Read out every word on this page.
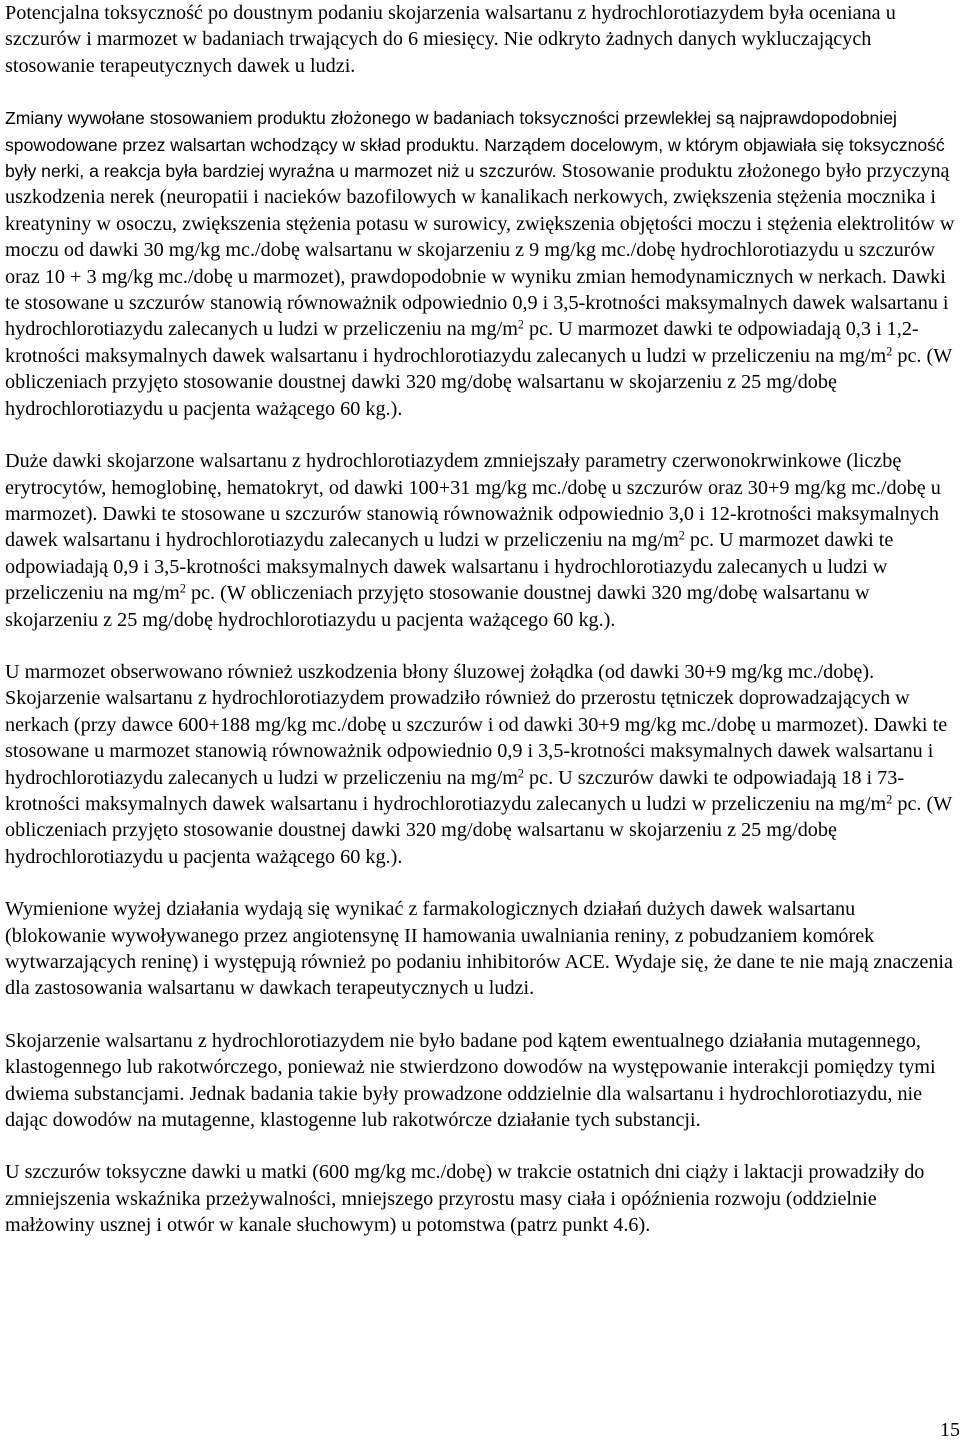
Potencjalna toksyczność po doustnym podaniu skojarzenia walsartanu z hydrochlorotiazydem była oceniana u szczurów i marmozet w badaniach trwających do 6 miesięcy. Nie odkryto żadnych danych wykluczających stosowanie terapeutycznych dawek u ludzi.

Zmiany wywołane stosowaniem produktu złożonego w badaniach toksyczności przewlekłej są najprawdopodobniej spowodowane przez walsartan wchodzący w skład produktu. Narządem docelowym, w którym objawiała się toksyczność były nerki, a reakcja była bardziej wyraźna u marmozet niż u szczurów. Stosowanie produktu złożonego było przyczyną uszkodzenia nerek (neuropatii i nacieków bazofilowych w kanalikach nerkowych, zwiększenia stężenia mocznika i kreatyniny w osoczu, zwiększenia stężenia potasu w surowicy, zwiększenia objętości moczu i stężenia elektrolitów w moczu od dawki 30 mg/kg mc./dobę walsartanu w skojarzeniu z 9 mg/kg mc./dobę hydrochlorotiazydu u szczurów oraz 10 + 3 mg/kg mc./dobę u marmozet), prawdopodobnie w wyniku zmian hemodynamicznych w nerkach. Dawki te stosowane u szczurów stanowią równoważnik odpowiednio 0,9 i 3,5-krotności maksymalnych dawek walsartanu i hydrochlorotiazydu zalecanych u ludzi w przeliczeniu na $mg/m^2$ pc. U marmozet dawki te odpowiadają 0,3 i 1,2-krotności maksymalnych dawek walsartanu i hydrochlorotiazydu zalecanych u ludzi w przeliczeniu na $mg/m^2$ pc. (W obliczeniach przyjęto stosowanie doustnej dawki 320 mg/dobę walsartanu w skojarzeniu z 25 mg/dobę hydrochlorotiazydu u pacjenta ważącego 60 kg.).

Duże dawki skojarzone walsartanu z hydrochlorotiazydem zmniejszały parametry czerwonokrwinkowe (liczbę erytrocytów, hemoglobinę, hematokryt, od dawki 100+31 mg/kg mc./dobę u szczurów oraz 30+9 mg/kg mc./dobę u marmozet). Dawki te stosowane u szczurów stanowią równoważnik odpowiednio 3,0 i 12-krotności maksymalnych dawek walsartanu i hydrochlorotiazydu zalecanych u ludzi w przeliczeniu na $mg/m^2$ pc. U marmozet dawki te odpowiadają 0,9 i 3,5-krotności maksymalnych dawek walsartanu i hydrochlorotiazydu zalecanych u ludzi w przeliczeniu na $mg/m^2$ pc. (W obliczeniach przyjęto stosowanie doustnej dawki 320 mg/dobę walsartanu w skojarzeniu z 25 mg/dobę hydrochlorotiazydu u pacjenta ważącego 60 kg.).

U marmozet obserwowano również uszkodzenia błony śluzowej żołądka (od dawki 30+9 mg/kg mc./dobę). Skojarzenie walsartanu z hydrochlorotiazydem prowadziło również do przerostu tętniczek doprowadzających w nerkach (przy dawce 600+188 mg/kg mc./dobę u szczurów i od dawki 30+9 mg/kg mc./dobę u marmozet). Dawki te stosowane u marmozet stanowią równoważnik odpowiednio 0,9 i 3,5-krotności maksymalnych dawek walsartanu i hydrochlorotiazydu zalecanych u ludzi w przeliczeniu na $mg/m^2$ pc. U szczurów dawki te odpowiadają 18 i 73-krotności maksymalnych dawek walsartanu i hydrochlorotiazydu zalecanych u ludzi w przeliczeniu na $mg/m^2$ pc. (W obliczeniach przyjęto stosowanie doustnej dawki 320 mg/dobę walsartanu w skojarzeniu z 25 mg/dobę hydrochlorotiazydu u pacjenta ważącego 60 kg.).

Wymienione wyżej działania wydają się wynikać z farmakologicznych działań dużych dawek walsartanu (blokowanie wywoływanego przez angiotensynę II hamowania uwalniania reniny, z pobudzaniem komórek wytwarzających reninę) i występują również po podaniu inhibitorów ACE. Wydaje się, że dane te nie mają znaczenia dla zastosowania walsartanu w dawkach terapeutycznych u ludzi.

Skojarzenie walsartanu z hydrochlorotiazydem nie było badane pod kątem ewentualnego działania mutagennego, klastogennego lub rakotwórczego, ponieważ nie stwierdzono dowodów na występowanie interakcji pomiędzy tymi dwiema substancjami. Jednak badania takie były prowadzone oddzielnie dla walsartanu i hydrochlorotiazydu, nie dając dowodów na mutagenne, klastogenne lub rakotwórcze działanie tych substancji.

U szczurów toksyczne dawki u matki (600 mg/kg mc./dobę) w trakcie ostatnich dni ciąży i laktacji prowadziły do zmniejszenia wskaźnika przeżywalności, mniejszego przyrostu masy ciała i opóźnienia rozwoju (oddzielnie małżowiny usznej i otwór w kanale słuchowym) u potomstwa (patrz punkt 4.6).

15
